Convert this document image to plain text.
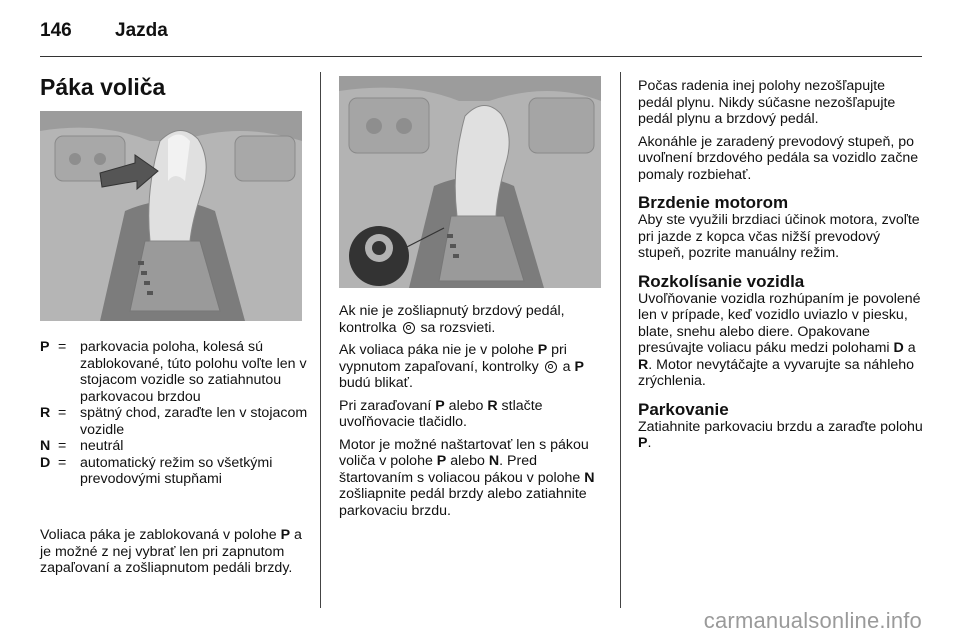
146 Jazda
Páka voliča
P = parkovacia poloha, kolesá sú zablokované, túto polohu voľte len v stojacom vozidle so zatiahnutou parkovacou brzdou
R = spätný chod, zaraďte len v stojacom vozidle
N = neutrál
D = automatický režim so všetkými prevodovými stupňami

Voliaca páka je zablokovaná v polohe P a je možné z nej vybrať len pri zapnutom zapaľovaní a zošliapnutom pedáli brzdy.

Ak nie je zošliapnutý brzdový pedál, kontrolka  sa rozsvieti.

Ak voliaca páka nie je v polohe P pri vypnutom zapaľovaní, kontrolky  a P budú blikať.

Pri zaraďovaní P alebo R stlačte uvoľňovacie tlačidlo.

Motor je možné naštartovať len s pákou voliča v polohe P alebo N. Pred štartovaním s voliacou pákou v polohe N zošliapnite pedál brzdy alebo zatiahnite parkovaciu brzdu.

Počas radenia inej polohy nezošľapujte pedál plynu. Nikdy súčasne nezošľapujte pedál plynu a brzdový pedál.

Akonáhle je zaradený prevodový stupeň, po uvoľnení brzdového pedála sa vozidlo začne pomaly rozbiehať.

Brzdenie motorom

Aby ste využili brzdiaci účinok motora, zvoľte pri jazde z kopca včas nižší prevodový stupeň, pozrite manuálny režim.

Rozkolísanie vozidla

Uvoľňovanie vozidla rozhúpaním je povolené len v prípade, keď vozidlo uviazlo v piesku, blate, snehu alebo diere. Opakovane presúvajte voliacu páku medzi polohami D a R. Motor nevytáčajte a vyvarujte sa náhleho zrýchlenia.

Parkovanie

Zatiahnite parkovaciu brzdu a zaraďte polohu P.

carmanualsonline.info
